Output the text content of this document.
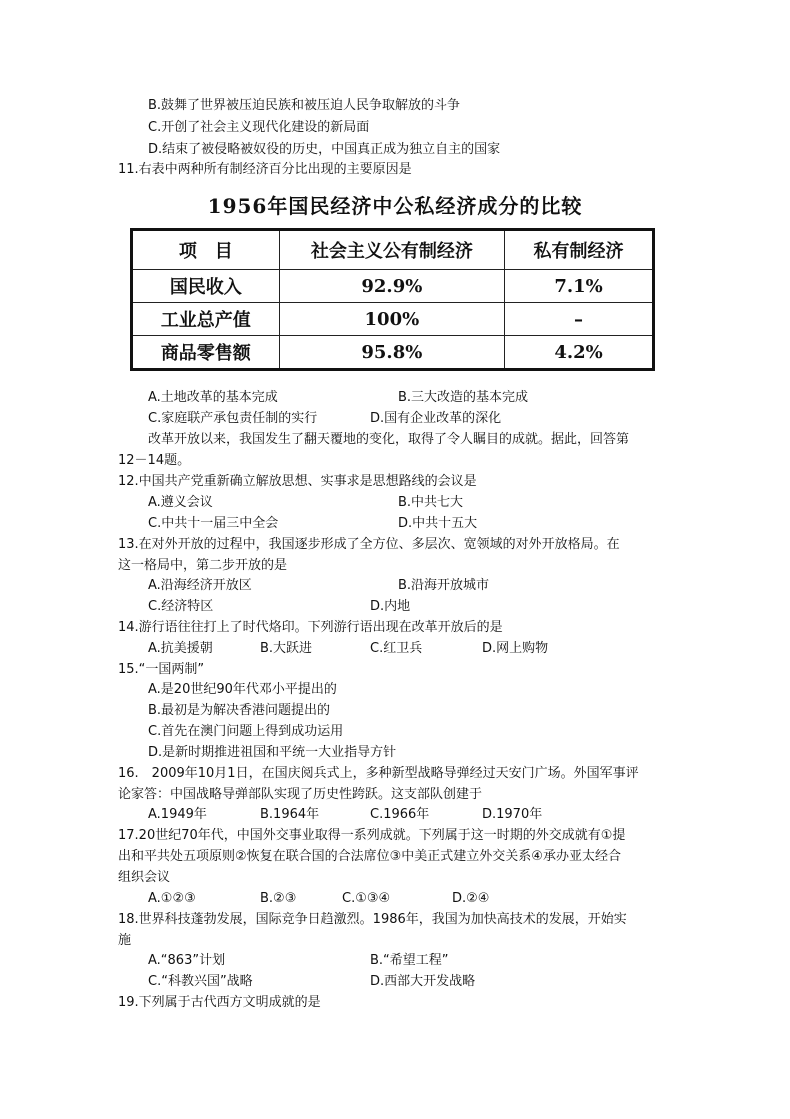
B.鼓舞了世界被压迫民族和被压迫人民争取解放的斗争
C.开创了社会主义现代化建设的新局面
D.结束了被侵略被奴役的历史，中国真正成为独立自主的国家
11.右表中两种所有制经济百分比出现的主要原因是
1956年国民经济中公私经济成分的比较
项　目	社会主义公有制经济	私有制经济
国民收入	92.9%	7.1%
工业总产值	100%	–
商品零售额	95.8%	4.2%
A.土地改革的基本完成	B.三大改造的基本完成
C.家庭联产承包责任制的实行	D.国有企业改革的深化
改革开放以来，我国发生了翻天覆地的变化，取得了令人瞩目的成就。据此，回答第
12－14题。
12.中国共产党重新确立解放思想、实事求是思想路线的会议是
A.遵义会议	B.中共七大
C.中共十一届三中全会	D.中共十五大
13.在对外开放的过程中，我国逐步形成了全方位、多层次、宽领域的对外开放格局。在
这一格局中，第二步开放的是
A.沿海经济开放区	B.沿海开放城市
C.经济特区	D.内地
14.游行语往往打上了时代烙印。下列游行语出现在改革开放后的是
A.抗美援朝	B.大跃进	C.红卫兵	D.网上购物
15.“一国两制”
A.是20世纪90年代邓小平提出的
B.最初是为解决香港问题提出的
C.首先在澳门问题上得到成功运用
D.是新时期推进祖国和平统一大业指导方针
16.　2009年10月1日，在国庆阅兵式上，多种新型战略导弹经过天安门广场。外国军事评
论家答：中国战略导弹部队实现了历史性跨跃。这支部队创建于
A.1949年	B.1964年	C.1966年	D.1970年
17.20世纪70年代，中国外交事业取得一系列成就。下列属于这一时期的外交成就有①提
出和平共处五项原则②恢复在联合国的合法席位③中美正式建立外交关系④承办亚太经合
组织会议
A.①②③	B.②③	C.①③④	D.②④
18.世界科技蓬勃发展，国际竞争日趋激烈。1986年，我国为加快高技术的发展，开始实
施
A.“863”计划	B.“希望工程”
C.“科教兴国”战略	D.西部大开发战略
19.下列属于古代西方文明成就的是
